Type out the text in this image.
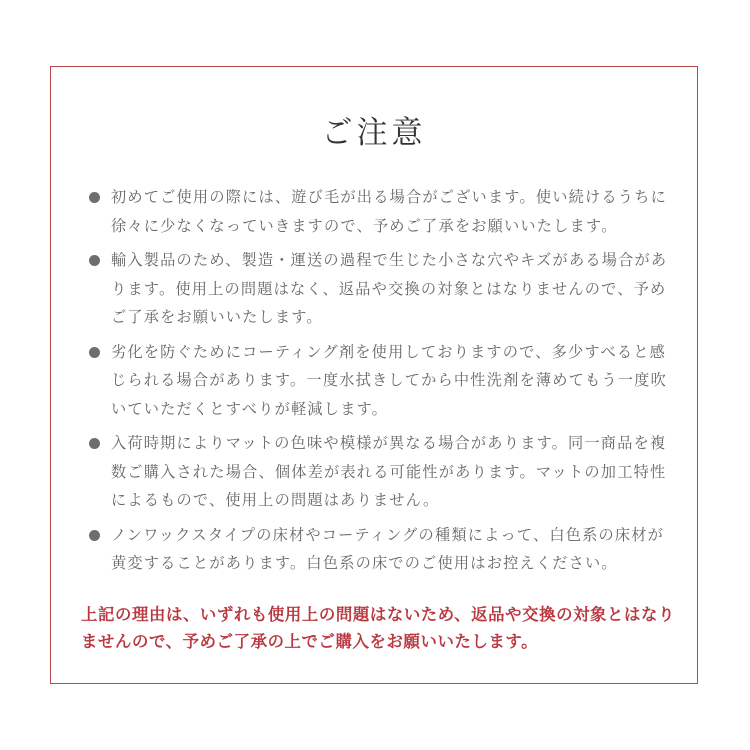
ご注意
初めてご使用の際には、遊び毛が出る場合がございます。使い続けるうちに徐々に少なくなっていきますので、予めご了承をお願いいたします。
輸入製品のため、製造・運送の過程で生じた小さな穴やキズがある場合があります。使用上の問題はなく、返品や交換の対象とはなりませんので、予めご了承をお願いいたします。
劣化を防ぐためにコーティング剤を使用しておりますので、多少すべると感じられる場合があります。一度水拭きしてから中性洗剤を薄めてもう一度吹いていただくとすべりが軽減します。
入荷時期によりマットの色味や模様が異なる場合があります。同一商品を複数ご購入された場合、個体差が表れる可能性があります。マットの加工特性によるもので、使用上の問題はありません。
ノンワックスタイプの床材やコーティングの種類によって、白色系の床材が黄変することがあります。白色系の床でのご使用はお控えください。
上記の理由は、いずれも使用上の問題はないため、返品や交換の対象とはなりませんので、予めご了承の上でご購入をお願いいたします。
